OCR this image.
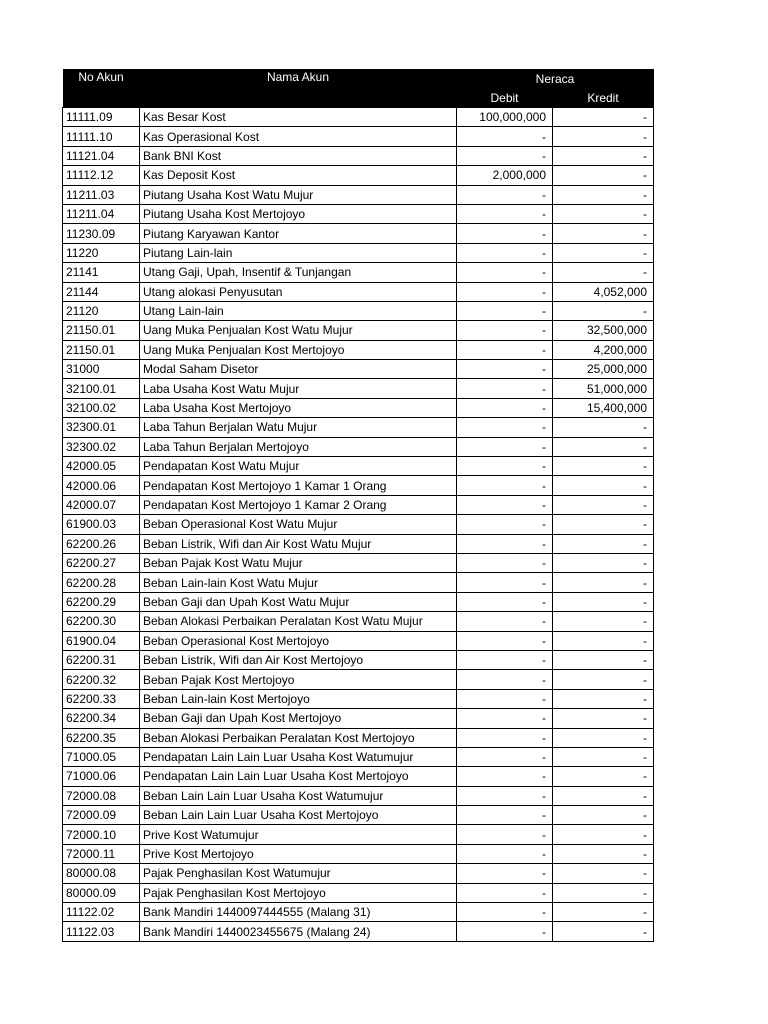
No Akun	Nama Akun	Neraca	
		Debit	Kredit
11111.09	Kas Besar Kost	100,000,000	-
11111.10	Kas Operasional Kost	-	-
11121.04	Bank BNI Kost	-	-
11112.12	Kas Deposit Kost	2,000,000	-
11211.03	Piutang Usaha Kost Watu Mujur	-	-
11211.04	Piutang Usaha Kost Mertojoyo	-	-
11230.09	Piutang Karyawan Kantor	-	-
11220	Piutang Lain-lain	-	-
21141	Utang Gaji, Upah, Insentif & Tunjangan	-	-
21144	Utang alokasi Penyusutan	-	4,052,000
21120	Utang Lain-lain	-	-
21150.01	Uang Muka Penjualan Kost Watu Mujur	-	32,500,000
21150.01	Uang Muka Penjualan Kost Mertojoyo	-	4,200,000
31000	Modal Saham Disetor	-	25,000,000
32100.01	Laba Usaha Kost Watu Mujur	-	51,000,000
32100.02	Laba Usaha Kost Mertojoyo	-	15,400,000
32300.01	Laba Tahun Berjalan Watu Mujur	-	-
32300.02	Laba Tahun Berjalan Mertojoyo	-	-
42000.05	Pendapatan Kost Watu Mujur	-	-
42000.06	Pendapatan Kost Mertojoyo 1 Kamar 1 Orang	-	-
42000.07	Pendapatan Kost Mertojoyo 1 Kamar 2 Orang	-	-
61900.03	Beban Operasional Kost Watu Mujur	-	-
62200.26	Beban Listrik, Wifi dan Air Kost Watu Mujur	-	-
62200.27	Beban Pajak Kost Watu Mujur	-	-
62200.28	Beban Lain-lain Kost Watu Mujur	-	-
62200.29	Beban Gaji dan Upah Kost Watu Mujur	-	-
62200.30	Beban Alokasi Perbaikan Peralatan Kost Watu Mujur	-	-
61900.04	Beban Operasional Kost Mertojoyo	-	-
62200.31	Beban Listrik, Wifi dan Air Kost Mertojoyo	-	-
62200.32	Beban Pajak Kost Mertojoyo	-	-
62200.33	Beban Lain-lain Kost Mertojoyo	-	-
62200.34	Beban Gaji dan Upah Kost Mertojoyo	-	-
62200.35	Beban Alokasi Perbaikan Peralatan Kost Mertojoyo	-	-
71000.05	Pendapatan Lain Lain Luar Usaha Kost Watumujur	-	-
71000.06	Pendapatan Lain Lain Luar Usaha Kost Mertojoyo	-	-
72000.08	Beban Lain Lain Luar Usaha Kost Watumujur	-	-
72000.09	Beban Lain Lain Luar Usaha Kost Mertojoyo	-	-
72000.10	Prive Kost Watumujur	-	-
72000.11	Prive Kost Mertojoyo	-	-
80000.08	Pajak Penghasilan Kost Watumujur	-	-
80000.09	Pajak Penghasilan Kost Mertojoyo	-	-
11122.02	Bank Mandiri 1440097444555 (Malang 31)	-	-
11122.03	Bank Mandiri 1440023455675 (Malang 24)	-	-
